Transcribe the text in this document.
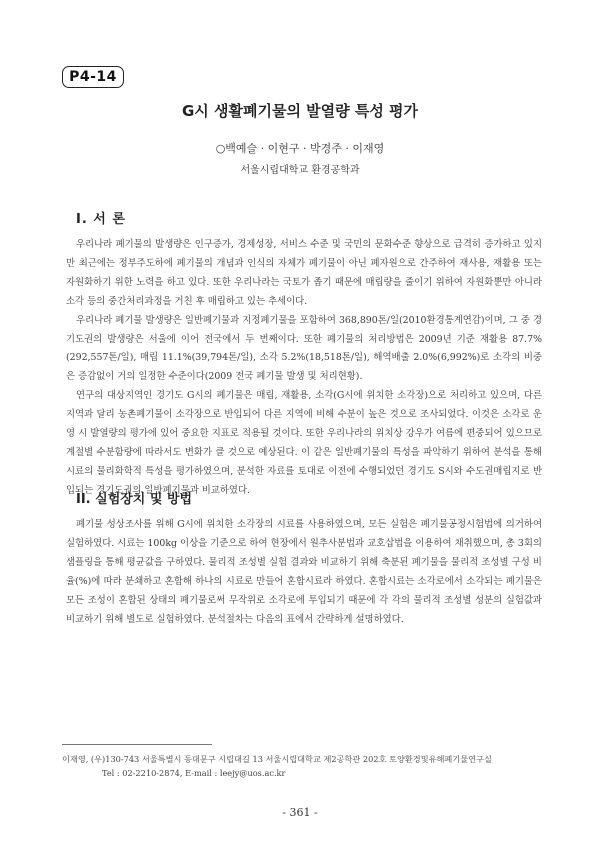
P4-14
G시 생활폐기물의 발열량 특성 평가
○백예슬 · 이현구 · 박경주 · 이재영
서울시립대학교 환경공학과
I. 서 론

우리나라 폐기물의 발생량은 인구증가, 경제성장, 서비스 수준 및 국민의 문화수준 향상으로 급격히 증가하고 있지만 최근에는 정부주도하에 폐기물의 개념과 인식의 자체가 폐기물이 아닌 폐자원으로 간주하여 재사용, 재활용 또는 자원화하기 위한 노력을 하고 있다. 또한 우리나라는 국토가 좁기 때문에 매립량을 줄이기 위하여 자원화뿐만 아니라 소각 등의 중간처리과정을 거친 후 매립하고 있는 추세이다.

우리나라 폐기물 발생량은 일반폐기물과 지정폐기물을 포함하여 368,890톤/일(2010환경통계연감)이며, 그 중 경기도권의 발생량은 서울에 이어 전국에서 두 번째이다. 또한 폐기물의 처리방법은 2009년 기준 재활용 87.7%(292,557톤/일), 매립 11.1%(39,794톤/일), 소각 5.2%(18,518톤/일), 해역배출 2.0%(6,992%)로 소각의 비중은 증감없이 거의 일정한 수준이다(2009 전국 폐기물 발생 및 처리현황).

연구의 대상지역인 경기도 G시의 폐기물은 매립, 재활용, 소각(G시에 위치한 소각장)으로 처리하고 있으며, 다른 지역과 달리 농촌폐기물이 소각장으로 반입되어 다른 지역에 비해 수분이 높은 것으로 조사되었다. 이것은 소각로 운영 시 발열량의 평가에 있어 중요한 지표로 적용될 것이다. 또한 우리나라의 위치상 강우가 여름에 편중되어 있으므로 계절별 수분함량에 따라서도 변화가 클 것으로 예상된다. 이 같은 일반폐기물의 특성을 파악하기 위하여 분석을 통해 시료의 물리화학적 특성을 평가하였으며, 분석한 자료를 토대로 이전에 수행되었던 경기도 S시와 수도권매립지로 반입되는 경기도권의 일반폐기물과 비교하였다.

II. 실험장치 및 방법

폐기물 성상조사를 위해 G시에 위치한 소각장의 시료를 사용하였으며, 모든 실험은 폐기물공정시험법에 의거하여 실험하였다. 시료는 100kg 이상을 기준으로 하여 현장에서 원추사분법과 교호삽법을 이용하여 채취했으며, 총 3회의 샘플링을 통해 평균값을 구하였다. 물리적 조성별 실험 결과와 비교하기 위해 축분된 폐기물을 물리적 조성별 구성 비율(%)에 따라 분쇄하고 혼합해 하나의 시료로 만들어 혼합시료라 하였다. 혼합시료는 소각로에서 소각되는 폐기물은 모든 조성이 혼합된 상태의 폐기물로써 무작위로 소각로에 투입되기 때문에 각 각의 물리적 조성별 성분의 실험값과 비교하기 위해 별도로 실험하였다. 분석절차는 다음의 표에서 간략하게 설명하였다.

이재영, (우)130-743 서울특별시 동대문구 시립대길 13 서울시립대학교 제2공학관 202호 토양환경및유해폐기물연구실
Tel : 02-2210-2874, E-mail : leejy@uos.ac.kr
- 361 -
